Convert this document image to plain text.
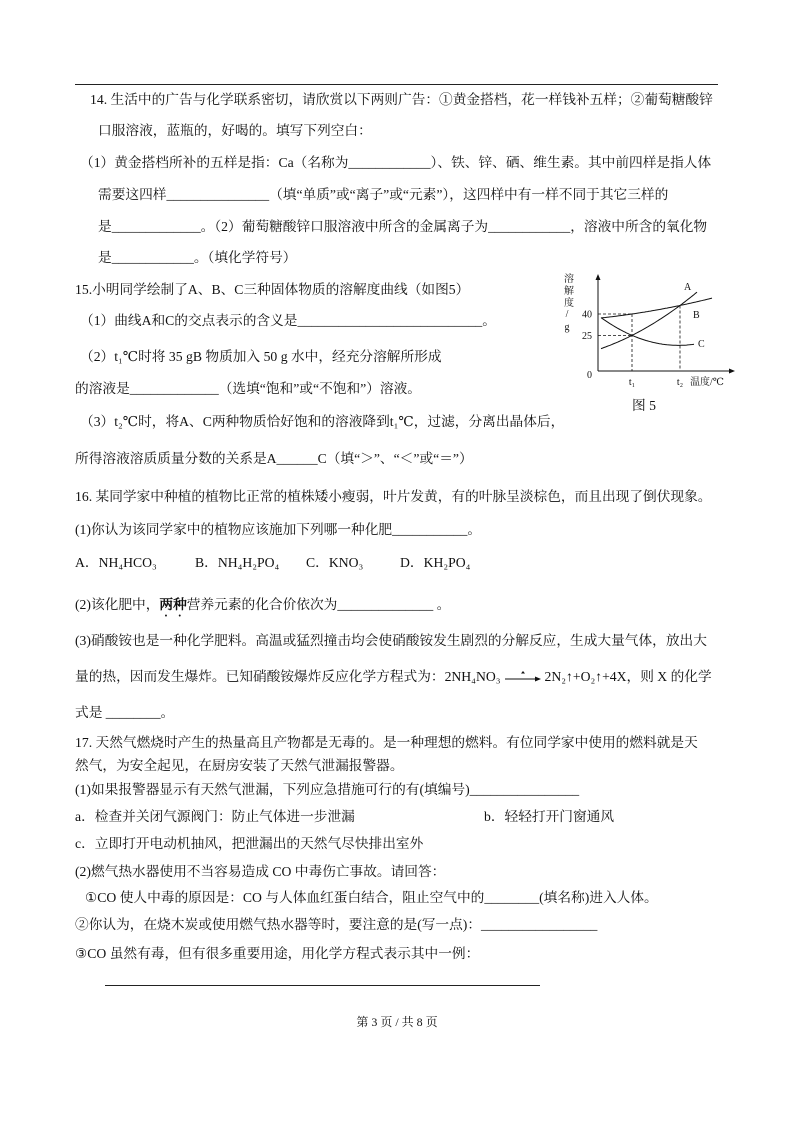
14. 生活中的广告与化学联系密切，请欣赏以下两则广告：①黄金搭档，花一样钱补五样；②葡萄糖酸锌
口服溶液，蓝瓶的，好喝的。填写下列空白：
（1）黄金搭档所补的五样是指：Ca（名称为____________）、铁、锌、硒、维生素。其中前四样是指人体
需要这四样_______________（填“单质”或“离子”或“元素”），这四样中有一样不同于其它三样的
是_____________。（2）葡萄糖酸锌口服溶液中所含的金属离子为____________，溶液中所含的氧化物
是____________。（填化学符号）
15.小明同学绘制了A、B、C三种固体物质的溶解度曲线（如图5）
（1）曲线A和C的交点表示的含义是___________________________。
（2）t₁℃时将 35 gB 物质加入 50 g 水中，经充分溶解所形成
的溶液是_____________（选填“饱和”或“不饱和”）溶液。
（3）t₂℃时，将A、C两种物质恰好饱和的溶液降到t₁℃，过滤，分离出晶体后，
所得溶液溶质质量分数的关系是A______C（填“＞”、“＜”或“＝”）
溶解度/g
温度/℃
A
B
C
0
25
40
t₁	t₂
图 5
16. 某同学家中种植的植物比正常的植株矮小瘦弱，叶片发黄，有的叶脉呈淡棕色，而且出现了倒伏现象。
(1)你认为该同学家中的植物应该施加下列哪一种化肥___________。
A．NH₄HCO₃	B．NH₄H₂PO₄ C．KNO₃	D．KH₂PO₄
(2)该化肥中，两种营养元素的化合价依次为______________ 。
(3)硝酸铵也是一种化学肥料。高温或猛烈撞击均会使硝酸铵发生剧烈的分解反应，生成大量气体，放出大
量的热，因而发生爆炸。已知硝酸铵爆炸反应化学方程式为：2NH₄NO₃ → 2N₂↑+O₂↑+4X，则 X 的化学
式是 ________。
17. 天然气燃烧时产生的热量高且产物都是无毒的。是一种理想的燃料。有位同学家中使用的燃料就是天
然气，为安全起见，在厨房安装了天然气泄漏报警器。
(1)如果报警器显示有天然气泄漏，下列应急措施可行的有(填编号)________________
a．检查并关闭气源阀门：防止气体进一步泄漏	b．轻轻打开门窗通风
c．立即打开电动机抽风，把泄漏出的天然气尽快排出室外
(2)燃气热水器使用不当容易造成 CO 中毒伤亡事故。请回答：
①CO 使人中毒的原因是：CO 与人体血红蛋白结合，阻止空气中的________(填名称)进入人体。
②你认为，在烧木炭或使用燃气热水器等时，要注意的是(写一点)：_________________
③CO 虽然有毒，但有很多重要用途，用化学方程式表示其中一例：
第 3 页 / 共 8 页
